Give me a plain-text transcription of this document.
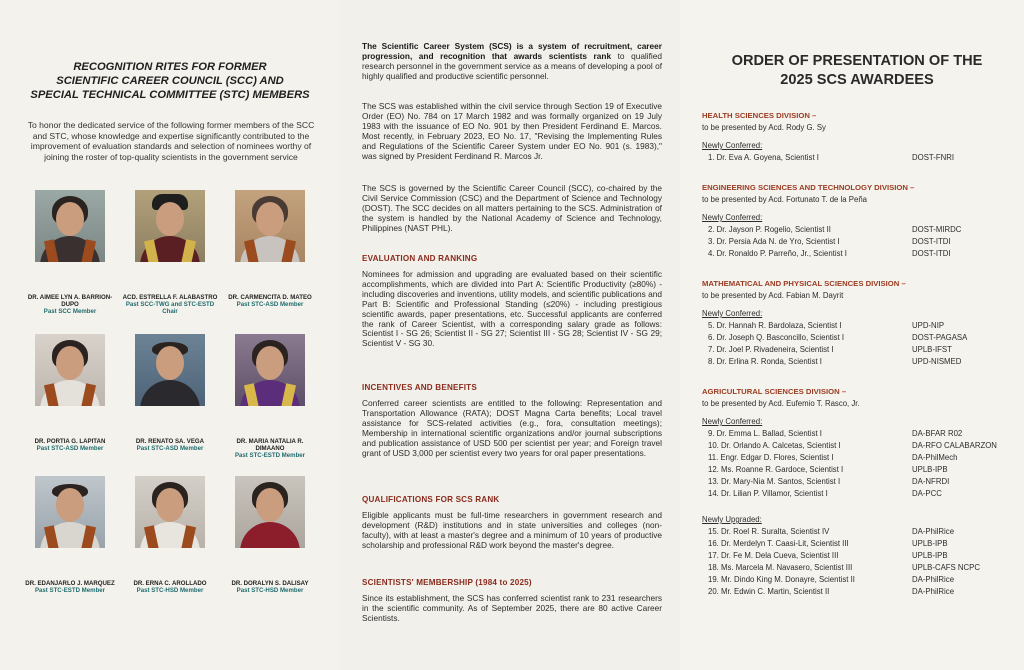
RECOGNITION RITES FOR FORMER
SCIENTIFIC CAREER COUNCIL (SCC) AND
SPECIAL TECHNICAL COMMITTEE (STC) MEMBERS

To honor the dedicated service of the following former members of the SCC and STC, whose knowledge and expertise significantly contributed to the improvement of evaluation standards and selection of nominees worthy of joining the roster of top-quality scientists in the government service

DR. AIMEE LYN A. BARRION-DUPO
Past SCC Member
ACD. ESTRELLA F. ALABASTRO
Past SCC-TWG and STC-ESTD Chair
DR. CARMENCITA D. MATEO
Past STC-ASD Member
DR. PORTIA G. LAPITAN
Past STC-ASD Member
DR. RENATO SA. VEGA
Past STC-ASD Member
DR. MARIA NATALIA R. DIMAANO
Past STC-ESTD Member
DR. EDANJARLO J. MARQUEZ
Past STC-ESTD Member
DR. ERNA C. AROLLADO
Past STC-HSD Member
DR. DORALYN S. DALISAY
Past STC-HSD Member

The Scientific Career System (SCS) is a system of recruitment, career progression, and recognition that awards scientists rank to qualified research personnel in the government service as a means of developing a pool of highly qualified and productive scientific personnel.

The SCS was established within the civil service through Section 19 of Executive Order (EO) No. 784 on 17 March 1982 and was formally organized on 19 July 1983 with the issuance of EO No. 901 by then President Ferdinand E. Marcos. Most recently, in February 2023, EO No. 17, "Revising the Implementing Rules and Regulations of the Scientific Career System under EO No. 901 (s. 1983)," was signed by President Ferdinand R. Marcos Jr.

The SCS is governed by the Scientific Career Council (SCC), co-chaired by the Civil Service Commission (CSC) and the Department of Science and Technology (DOST). The SCC decides on all matters pertaining to the SCS. Administration of the system is handled by the National Academy of Science and Technology, Philippines (NAST PHL).

EVALUATION AND RANKING

Nominees for admission and upgrading are evaluated based on their scientific accomplishments, which are divided into Part A: Scientific Productivity (≥80%) - including discoveries and inventions, utility models, and scientific publications and Part B: Scientific and Professional Standing (≤20%) - including prestigious scientific awards, paper presentations, etc. Successful applicants are conferred the rank of Career Scientist, with a corresponding salary grade as follows: Scientist I - SG 26; Scientist II - SG 27; Scientist III - SG 28; Scientist IV - SG 29; Scientist V - SG 30.

INCENTIVES AND BENEFITS

Conferred career scientists are entitled to the following: Representation and Transportation Allowance (RATA); DOST Magna Carta benefits; Local travel assistance for SCS-related activities (e.g., fora, consultation meetings); Membership in international scientific organizations and/or journal subscriptions and publication assistance of USD 500 per scientist per year; and Foreign travel grant of USD 3,000 per scientist every two years for oral paper presentations.

QUALIFICATIONS FOR SCS RANK

Eligible applicants must be full-time researchers in government research and development (R&D) institutions and in state universities and colleges (non-faculty), with at least a master's degree and a minimum of 10 years of productive scholarship and professional R&D work beyond the master's degree.

SCIENTISTS' MEMBERSHIP (1984 to 2025)

Since its establishment, the SCS has conferred scientist rank to 231 researchers in the scientific community. As of September 2025, there are 80 active Career Scientists.

ORDER OF PRESENTATION OF THE
2025 SCS AWARDEES
HEALTH SCIENCES DIVISION –
to be presented by Acd. Rody G. Sy
Newly Conferred:
1. Dr. Eva A. Goyena, Scientist I	DOST-FNRI
ENGINEERING SCIENCES AND TECHNOLOGY DIVISION –
to be presented by Acd. Fortunato T. de la Peña
Newly Conferred:
2. Dr. Jayson P. Rogelio, Scientist II	DOST-MIRDC
3. Dr. Persia Ada N. de Yro, Scientist I	DOST-ITDI
4. Dr. Ronaldo P. Parreño, Jr., Scientist I	DOST-ITDI
MATHEMATICAL AND PHYSICAL SCIENCES DIVISION –
to be presented by Acd. Fabian M. Dayrit
Newly Conferred:
5. Dr. Hannah R. Bardolaza, Scientist I	UPD-NIP
6. Dr. Joseph Q. Basconcillo, Scientist I	DOST-PAGASA
7. Dr. Joel P. Rivadeneira, Scientist I	UPLB-IFST
8. Dr. Erlina R. Ronda, Scientist I	UPD-NISMED
AGRICULTURAL SCIENCES DIVISION –
to be presented by Acd. Eufemio T. Rasco, Jr.
Newly Conferred:
9. Dr. Emma L. Ballad, Scientist I	DA-BFAR R02
10. Dr. Orlando A. Calcetas, Scientist I	DA-RFO CALABARZON
11. Engr. Edgar D. Flores, Scientist I	DA-PhilMech
12. Ms. Roanne R. Gardoce, Scientist I	UPLB-IPB
13. Dr. Mary-Nia M. Santos, Scientist I	DA-NFRDI
14. Dr. Lilian P. Villamor, Scientist I	DA-PCC
Newly Upgraded:
15. Dr. Roel R. Suralta, Scientist IV	DA-PhilRice
16. Dr. Merdelyn T. Caasi-Lit, Scientist III	UPLB-IPB
17. Dr. Fe M. Dela Cueva, Scientist III	UPLB-IPB
18. Ms. Marcela M. Navasero, Scientist III	UPLB-CAFS NCPC
19. Mr. Dindo King M. Donayre, Scientist II	DA-PhilRice
20. Mr. Edwin C. Martin, Scientist II	DA-PhilRice
